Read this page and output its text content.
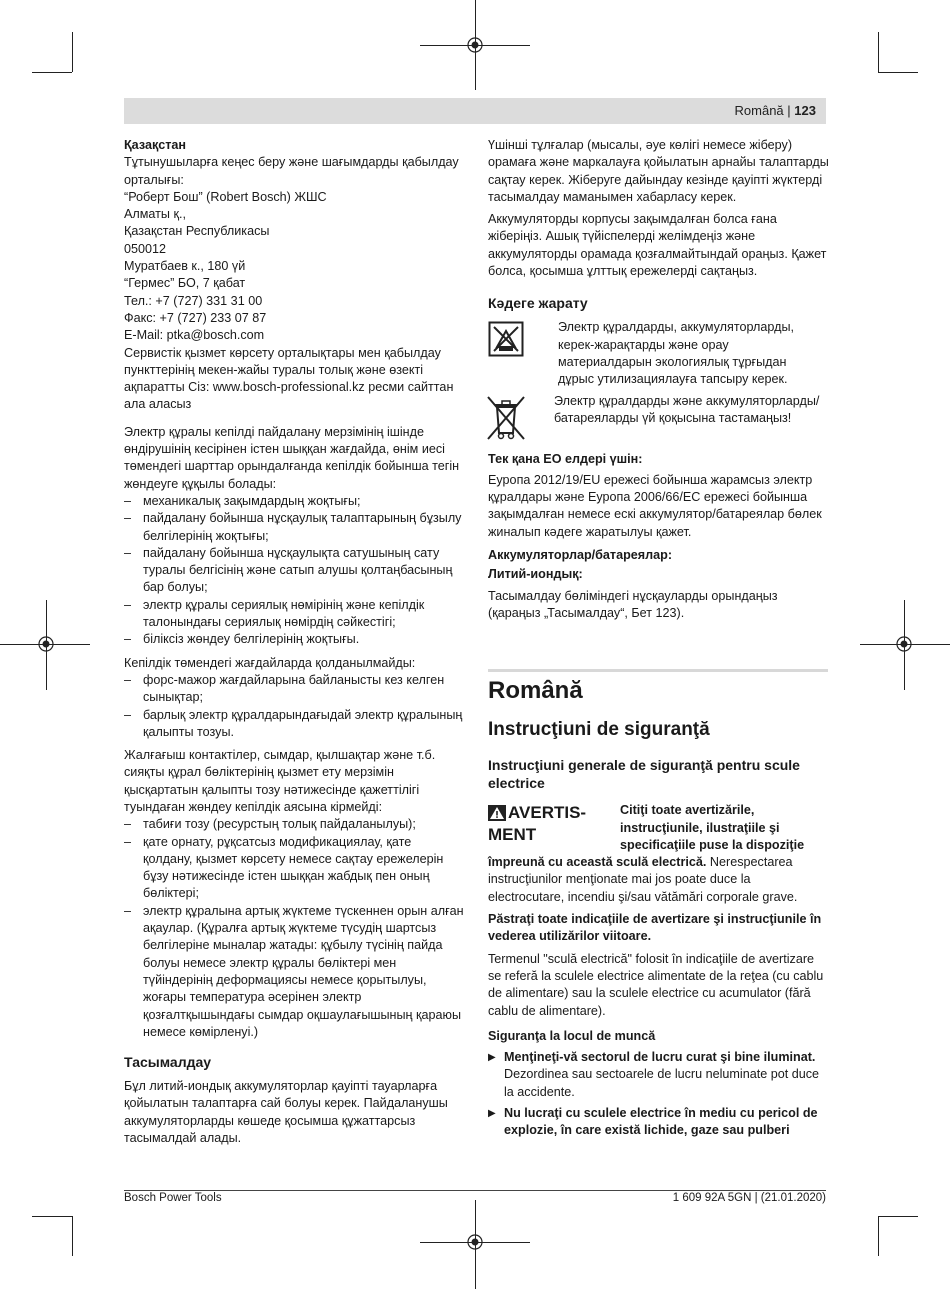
Română | 123
Қазақстан

Тұтынушыларға кеңес беру және шағымдарды қабылдау
орталығы:
“Роберт Бош” (Robert Bosch) ЖШС
Алматы қ.,
Қазақстан Республикасы
050012
Муратбаев к., 180 үй
“Гермес” БО, 7 қабат
Тел.: +7 (727) 331 31 00
Факс: +7 (727) 233 07 87
E-Mail: ptka@bosch.com
Сервистік қызмет көрсету орталықтары мен қабылдау
пункттерінің мекен-жайы туралы толық және өзекті
ақпаратты Сіз: www.bosch-professional.kz ресми сайттан
ала аласыз

Электр құралы кепілді пайдалану мерзімінің ішінде
өндірушінің кесірінен істен шыққан жағдайда, өнім иесі
төмендегі шарттар орындалғанда кепілдік бойынша тегін
жөндеуге құқылы болады:
– механикалық зақымдардың жоқтығы;
– пайдалану бойынша нұсқаулық талаптарының бұзылу
белгілерінің жоқтығы;
– пайдалану бойынша нұсқаулықта сатушының сату
туралы белгісінің және сатып алушы қолтаңбасының
бар болуы;
– электр құралы сериялық нөмірінің және кепілдік
талонындағы сериялық нөмірдің сәйкестігі;
– біліксіз жөндеу белгілерінің жоқтығы.
Кепілдік төмендегі жағдайларда қолданылмайды:
– форс-мажор жағдайларына байланысты кез келген
сынықтар;
– барлық электр құралдарындағыдай электр құралының
қалыпты тозуы.
Жалғағыш контактілер, сымдар, қылшақтар және т.б.
сияқты құрал бөліктерінің қызмет ету мерзімін
қысқартатын қалыпты тозу нәтижесінде қажеттілігі
туындаған жөндеу кепілдік аясына кірмейді:
– табиғи тозу (ресурстың толық пайдаланылуы);
– қате орнату, рұқсатсыз модификациялау, қате
қолдану, қызмет көрсету немесе сақтау ережелерін
бұзу нәтижесінде істен шыққан жабдық пен оның
бөліктері;
– электр құралына артық жүктеме түскеннен орын алған
ақаулар. (Құралға артық жүктеме түсудің шартсыз
белгілеріне мыналар жатады: құбылу түсінің пайда
болуы немесе электр құралы бөліктері мен
түйіндерінің деформациясы немесе қорытылуы,
жоғары температура әсерінен электр
қозғалтқышындағы сымдар оқшаулағышының қараюы
немесе көмірленуі.)
Тасымалдау

Бұл литий-иондық аккумуляторлар қауіпті тауарларға
қойылатын талаптарға сай болуы керек. Пайдаланушы
аккумуляторларды көшеде қосымша құжаттарсыз
тасымалдай алады.

Үшінші тұлғалар (мысалы, әуе көлігі немесе жіберу)
орамаға және маркалауға қойылатын арнайы талаптарды
сақтау керек. Жіберуге дайындау кезінде қауіпті жүктерді
тасымалдау маманымен хабарласу керек.

Аккумуляторды корпусы зақымдалған болса ғана
жіберіңіз. Ашық түйіспелерді желімдеңіз және
аккумуляторды орамада қозғалмайтындай ораңыз. Қажет
болса, қосымша ұлттық ережелерді сақтаңыз.

Кәдеге жарату
Электр құралдарды, аккумуляторларды,
керек-жарақтарды және орау
материалдарын экологиялық тұрғыдан
дұрыс утилизациялауға тапсыру керек.
Электр құралдарды және аккумуляторларды/
батареяларды үй қоқысына тастамаңыз!
Тек қана ЕО елдері үшін:

Еуропа 2012/19/EU ережесі бойынша жарамсыз электр
құралдары және Еуропа 2006/66/EC ережесі бойынша
зақымдалған немесе ескі аккумулятор/батареялар бөлек
жиналып кәдеге жаратылуы қажет.

Аккумуляторлар/батареялар:
Литий-иондық:

Тасымалдау бөліміндегі нұсқауларды орындаңыз
(қараңыз „Тасымалдау“, Бет 123).

Română
Instrucţiuni de siguranţă
Instrucţiuni generale de siguranţă pentru scule
electrice
AVERTIS-
MENT
Citiţi toate avertizările,
instrucţiunile, ilustraţiile şi
specificaţiile puse la dispoziţie

împreună cu această sculă electrică. Nerespectarea
instrucţiunilor menţionate mai jos poate duce la
electrocutare, incendiu şi/sau vătămări corporale grave.

Păstraţi toate indicaţiile de avertizare şi instrucţiunile în
vederea utilizărilor viitoare.

Termenul "sculă electrică" folosit în indicaţiile de avertizare
se referă la sculele electrice alimentate de la reţea (cu cablu
de alimentare) sau la sculele electrice cu acumulator (fără
cablu de alimentare).

Siguranţa la locul de muncă
▶ Menţineţi-vă sectorul de lucru curat şi bine iluminat.
Dezordinea sau sectoarele de lucru neluminate pot duce
la accidente.
▶ Nu lucraţi cu sculele electrice în mediu cu pericol de
explozie, în care există lichide, gaze sau pulberi
Bosch Power Tools	1 609 92A 5GN | (21.01.2020)
